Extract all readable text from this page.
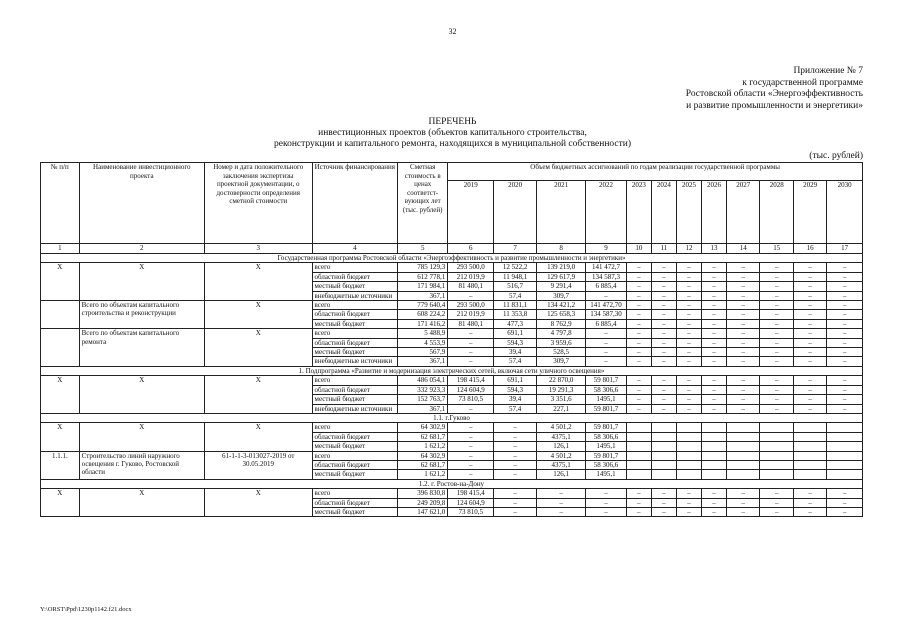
32
Приложение № 7
к государственной программе
Ростовской области «Энергоэффективность
и развитие промышленности и энергетики»
ПЕРЕЧЕНЬ
инвестиционных проектов (объектов капитального строительства,
реконструкции и капитального ремонта, находящихся в муниципальной собственности)
(тыс. рублей)
№ п/п	Наименование инвестиционного проекта	Номер и дата положительного заключения экспертизы проектной документации, о достоверности определения сметной стоимости	Источник финансирования	Сметная стоимость в ценах соответст-вующих лет (тыс. рублей)	Объем бюджетных ассигнований по годам реализации государственной программы											
					2019	2020	2021	2022	2023	2024	2025	2026	2027	2028	2029	2030
1	2	3	4	5	6	7	8	9	10	11	12	13	14	15	16	17
Государственная программа Ростовской области «Энергоэффективность и развитие промышленности и энергетики»																
X	X	X	всего	785 129,3	293 500,0	12 522,2	139 219,0	141 472,7	–	–	–	–	–	–	–	–
			областной бюджет	612 778,1	212 019,9	11 948,1	129 617,9	134 587,3	–	–	–	–	–	–	–	–
			местный бюджет	171 984,1	81 480,1	516,7	9 291,4	6 885,4	–	–	–	–	–	–	–	–
			внебюджетные источники	367,1	–	57,4	309,7	–	–	–	–	–	–	–	–	–
	Всего по объектам капитального строительства и реконструкции	X	всего	779 640,4	293 500,0	11 831,1	134 421,2	141 472,70	–	–	–	–	–	–	–	–
			областной бюджет	608 224,2	212 019,9	11 353,8	125 658,3	134 587,30	–	–	–	–	–	–	–	–
			местный бюджет	171 416,2	81 480,1	477,3	8 762,9	6 885,4	–	–	–	–	–	–	–	–
	Всего по объектам капитального ремонта	X	всего	5 488,9	–	691,1	4 797,8	–	–	–	–	–	–	–	–	–
			областной бюджет	4 553,9	–	594,3	3 959,6	–	–	–	–	–	–	–	–	–
			местный бюджет	567,9	–	39,4	528,5	–	–	–	–	–	–	–	–	–
			внебюджетные источники	367,1	–	57,4	309,7	–	–	–	–	–	–	–	–	–
1. Подпрограмма «Развитие и модернизация электрических сетей, включая сети уличного освещения»																
X	X	X	всего	486 054,1	198 415,4	691,1	22 870,0	59 801,7	–	–	–	–	–	–	–	–
			областной бюджет	332 923,3	124 604,9	594,3	19 291,3	58 306,6	–	–	–	–	–	–	–	–
			местный бюджет	152 763,7	73 810,5	39,4	3 351,6	1495,1	–	–	–	–	–	–	–	–
			внебюджетные источники	367,1	–	57,4	227,1	59 801,7	–	–	–	–	–	–	–	–
1.1. г.Гуково																
X	X	X	всего	64 302,9	–	–	4 501,2	59 801,7								
			областной бюджет	62 681,7	–	–	4375,1	58 306,6								
			местный бюджет	1 621,2	–	–	126,1	1495,1								
1.1.1.	Строительство линий наружного освещения г. Гуково, Ростовской области	61-1-1-3-013027-2019 от 30.05.2019	всего	64 302,9	–	–	4 501,2	59 801,7								
			областной бюджет	62 681,7	–	–	4375,1	58 306,6								
			местный бюджет	1 621,2	–	–	126,1	1495,1								
1.2. г. Ростов-на-Дону																
X	X	X	всего	396 830,8	198 415,4	–	–	–	–	–	–	–	–	–	–	–
			областной бюджет	249 209,8	124 604,9	–	–	–	–	–	–	–	–	–	–	–
			местный бюджет	147 621,0	73 810,5	–	–	–	–	–	–	–	–	–	–	–
Y:\ORST\Ppd\1230p1142.f21.docx
